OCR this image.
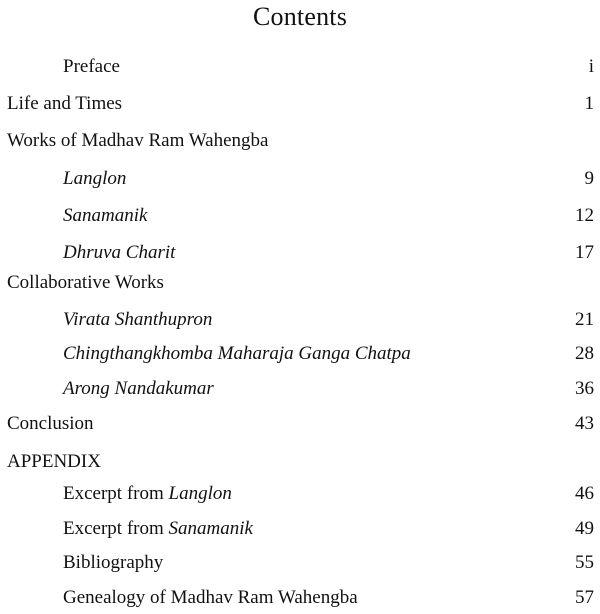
Contents
Preface	i
Life and Times	1
Works of Madhav Ram Wahengba
Langlon	9
Sanamanik	12
Dhruva Charit	17
Collaborative Works
Virata Shanthupron	21
Chingthangkhomba Maharaja Ganga Chatpa	28
Arong Nandakumar	36
Conclusion	43
APPENDIX
Excerpt from Langlon	46
Excerpt from Sanamanik	49
Bibliography	55
Genealogy of Madhav Ram Wahengba	57
